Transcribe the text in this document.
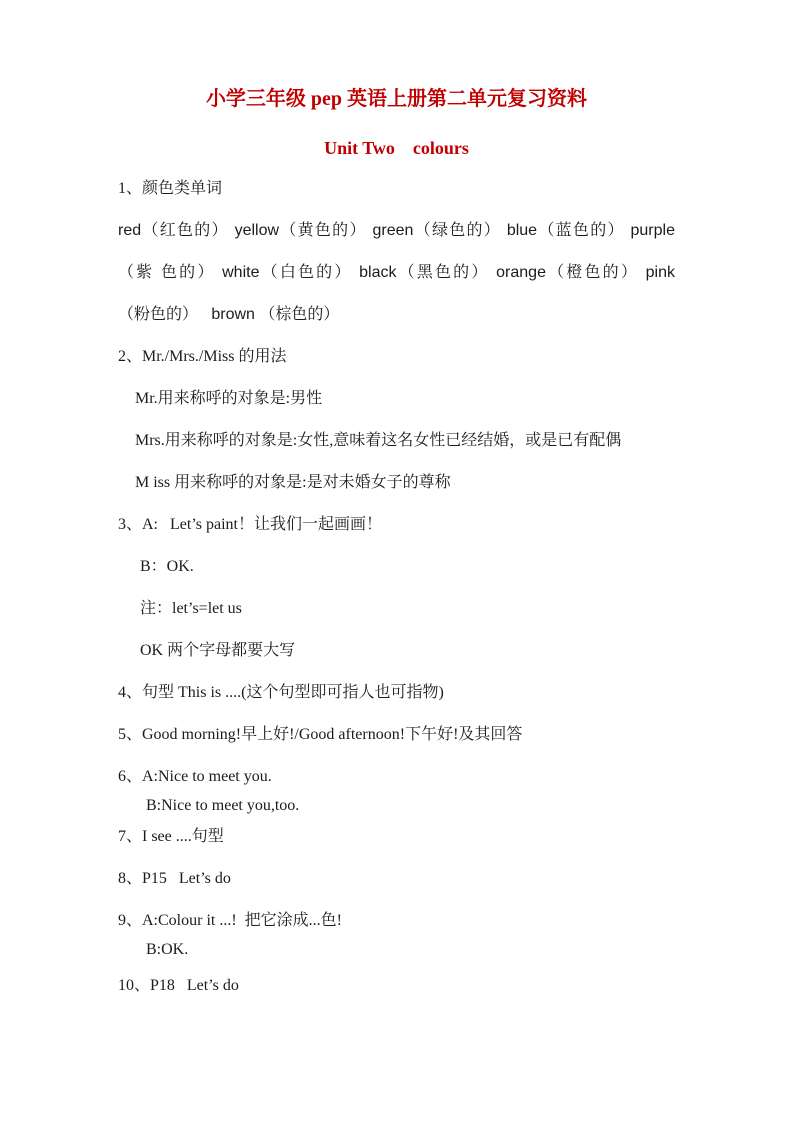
小学三年级 pep 英语上册第二单元复习资料
Unit Two    colours
1、颜色类单词
red（红色的） yellow（黄色的） green（绿色的） blue（蓝色的） purple
（紫 色的） white（白色的） black（黑色的） orange（橙色的） pink
（粉色的）   brown （棕色的）
2、Mr./Mrs./Miss 的用法
Mr.用来称呼的对象是:男性
Mrs.用来称呼的对象是:女性,意味着这名女性已经结婚，或是已有配偶
M iss 用来称呼的对象是:是对未婚女子的尊称
3、A:   Let’s paint！让我们一起画画！
B：OK.
注：let’s=let us
OK 两个字母都要大写
4、句型 This is ....(这个句型即可指人也可指物)
5、Good morning!早上好!/Good afternoon!下午好!及其回答
6、A:Nice to meet you.
B:Nice to meet you,too.
7、I see ....句型
8、P15   Let’s do
9、A:Colour it ...!  把它涂成...色!
B:OK.
10、P18   Let’s do
